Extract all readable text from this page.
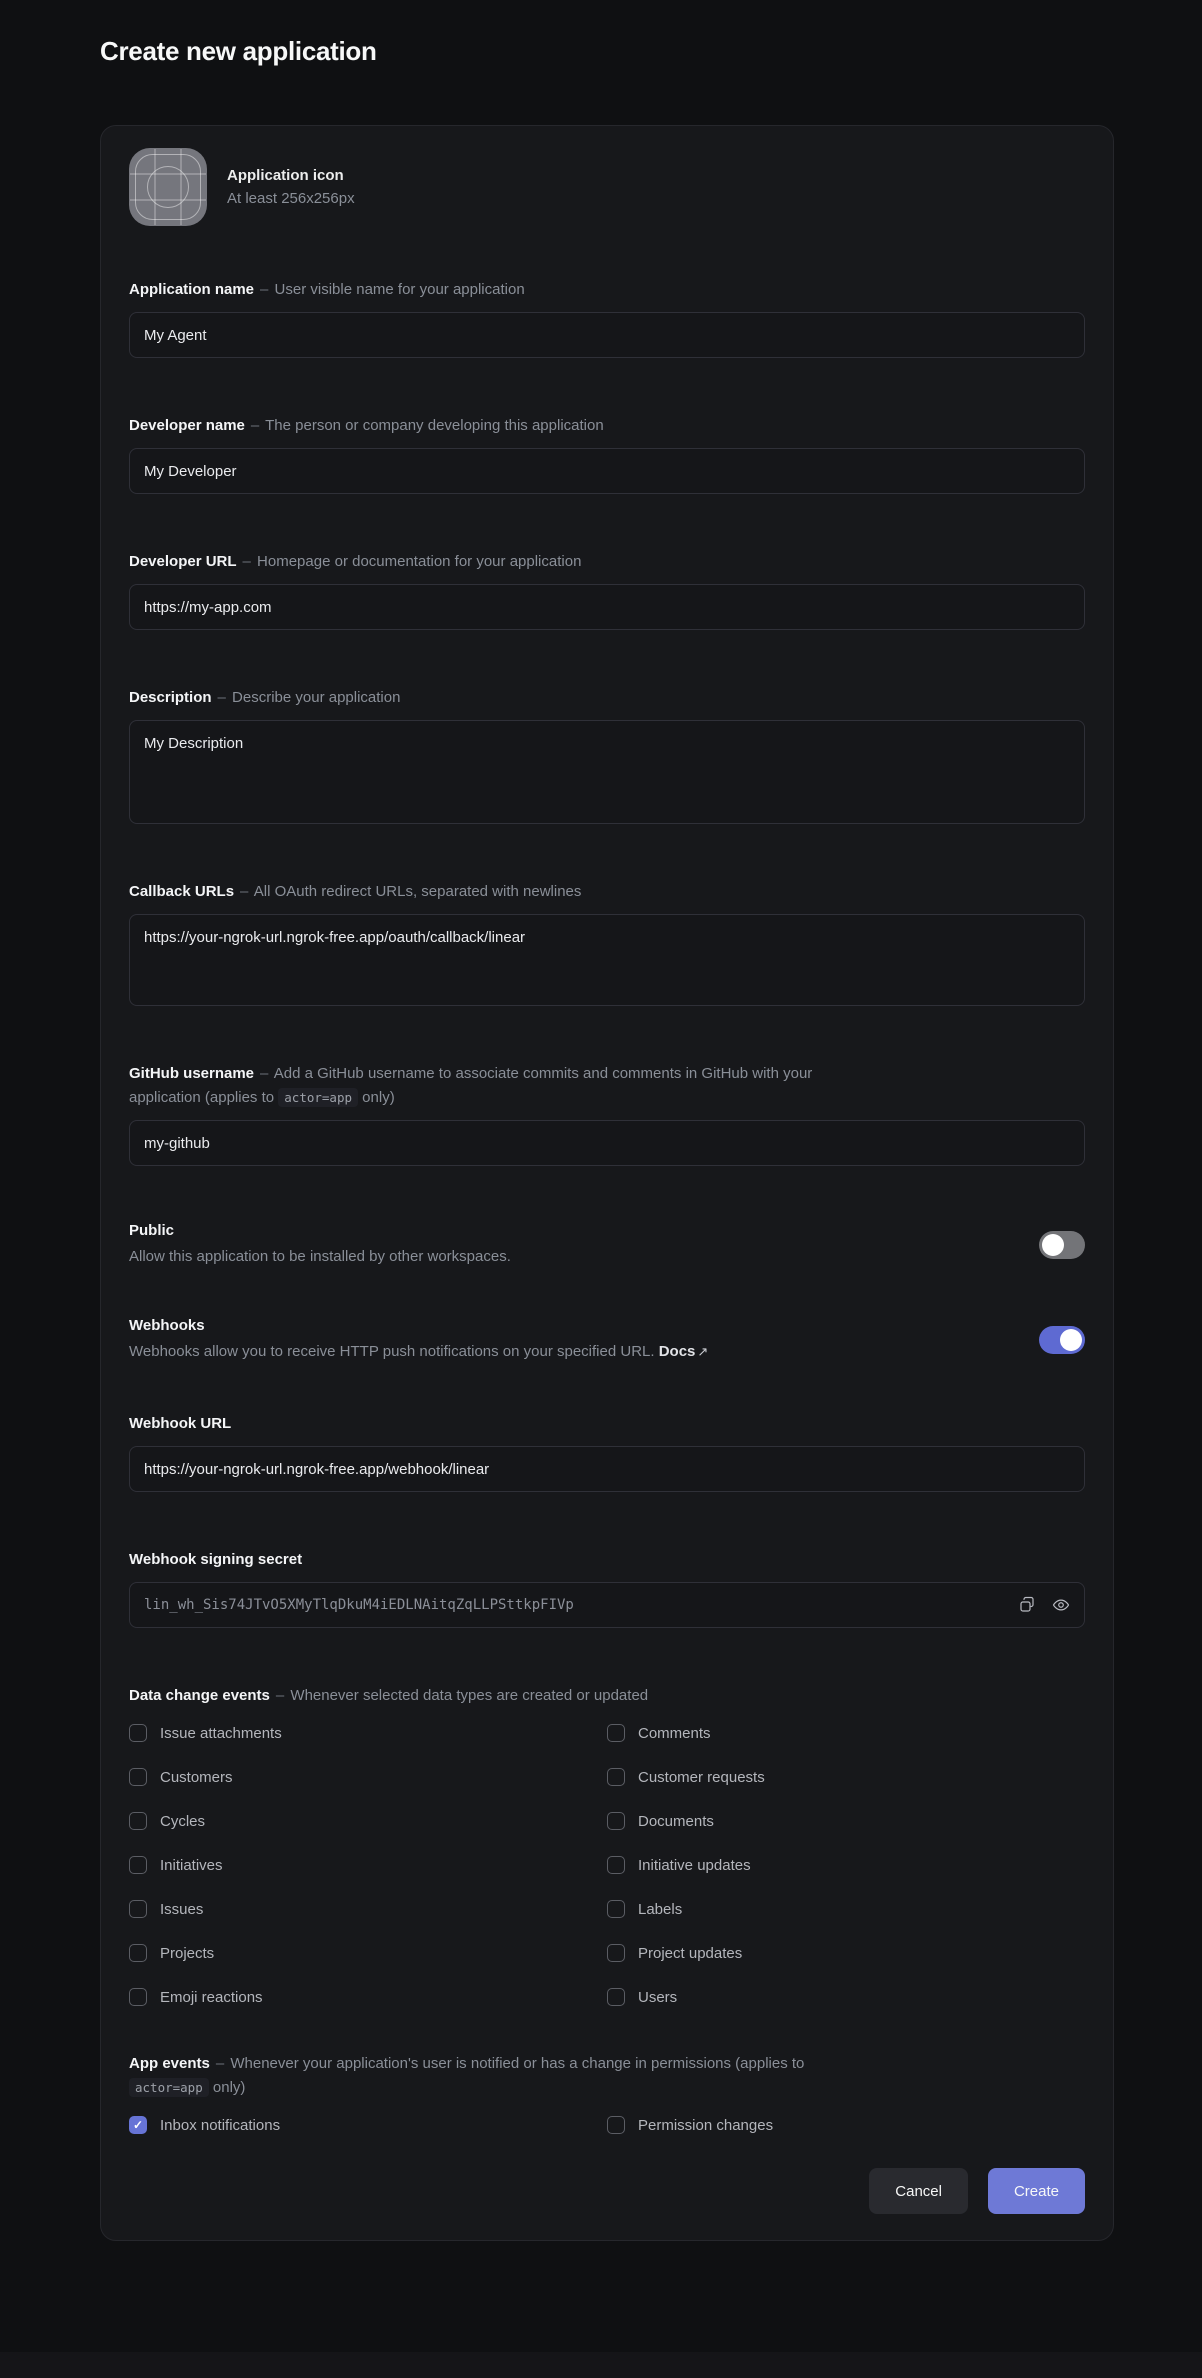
Create new application
Application icon
At least 256x256px
Application name – User visible name for your application
My Agent
Developer name – The person or company developing this application
My Developer
Developer URL – Homepage or documentation for your application
https://my-app.com
Description – Describe your application
My Description
Callback URLs – All OAuth redirect URLs, separated with newlines
https://your-ngrok-url.ngrok-free.app/oauth/callback/linear
GitHub username – Add a GitHub username to associate commits and comments in GitHub with your
application (applies to actor=app only)
my-github
Public
Allow this application to be installed by other workspaces.
Webhooks
Webhooks allow you to receive HTTP push notifications on your specified URL. Docs ↗
Webhook URL
https://your-ngrok-url.ngrok-free.app/webhook/linear
Webhook signing secret
lin_wh_Sis74JTvO5XMyTlqDkuM4iEDLNAitqZqLLPSttkpFIVp
Data change events – Whenever selected data types are created or updated
Issue attachments	Comments
Customers	Customer requests
Cycles	Documents
Initiatives	Initiative updates
Issues	Labels
Projects	Project updates
Emoji reactions	Users
App events – Whenever your application's user is notified or has a change in permissions (applies to
actor=app only)
✓
Inbox notifications	Permission changes
Cancel	Create
